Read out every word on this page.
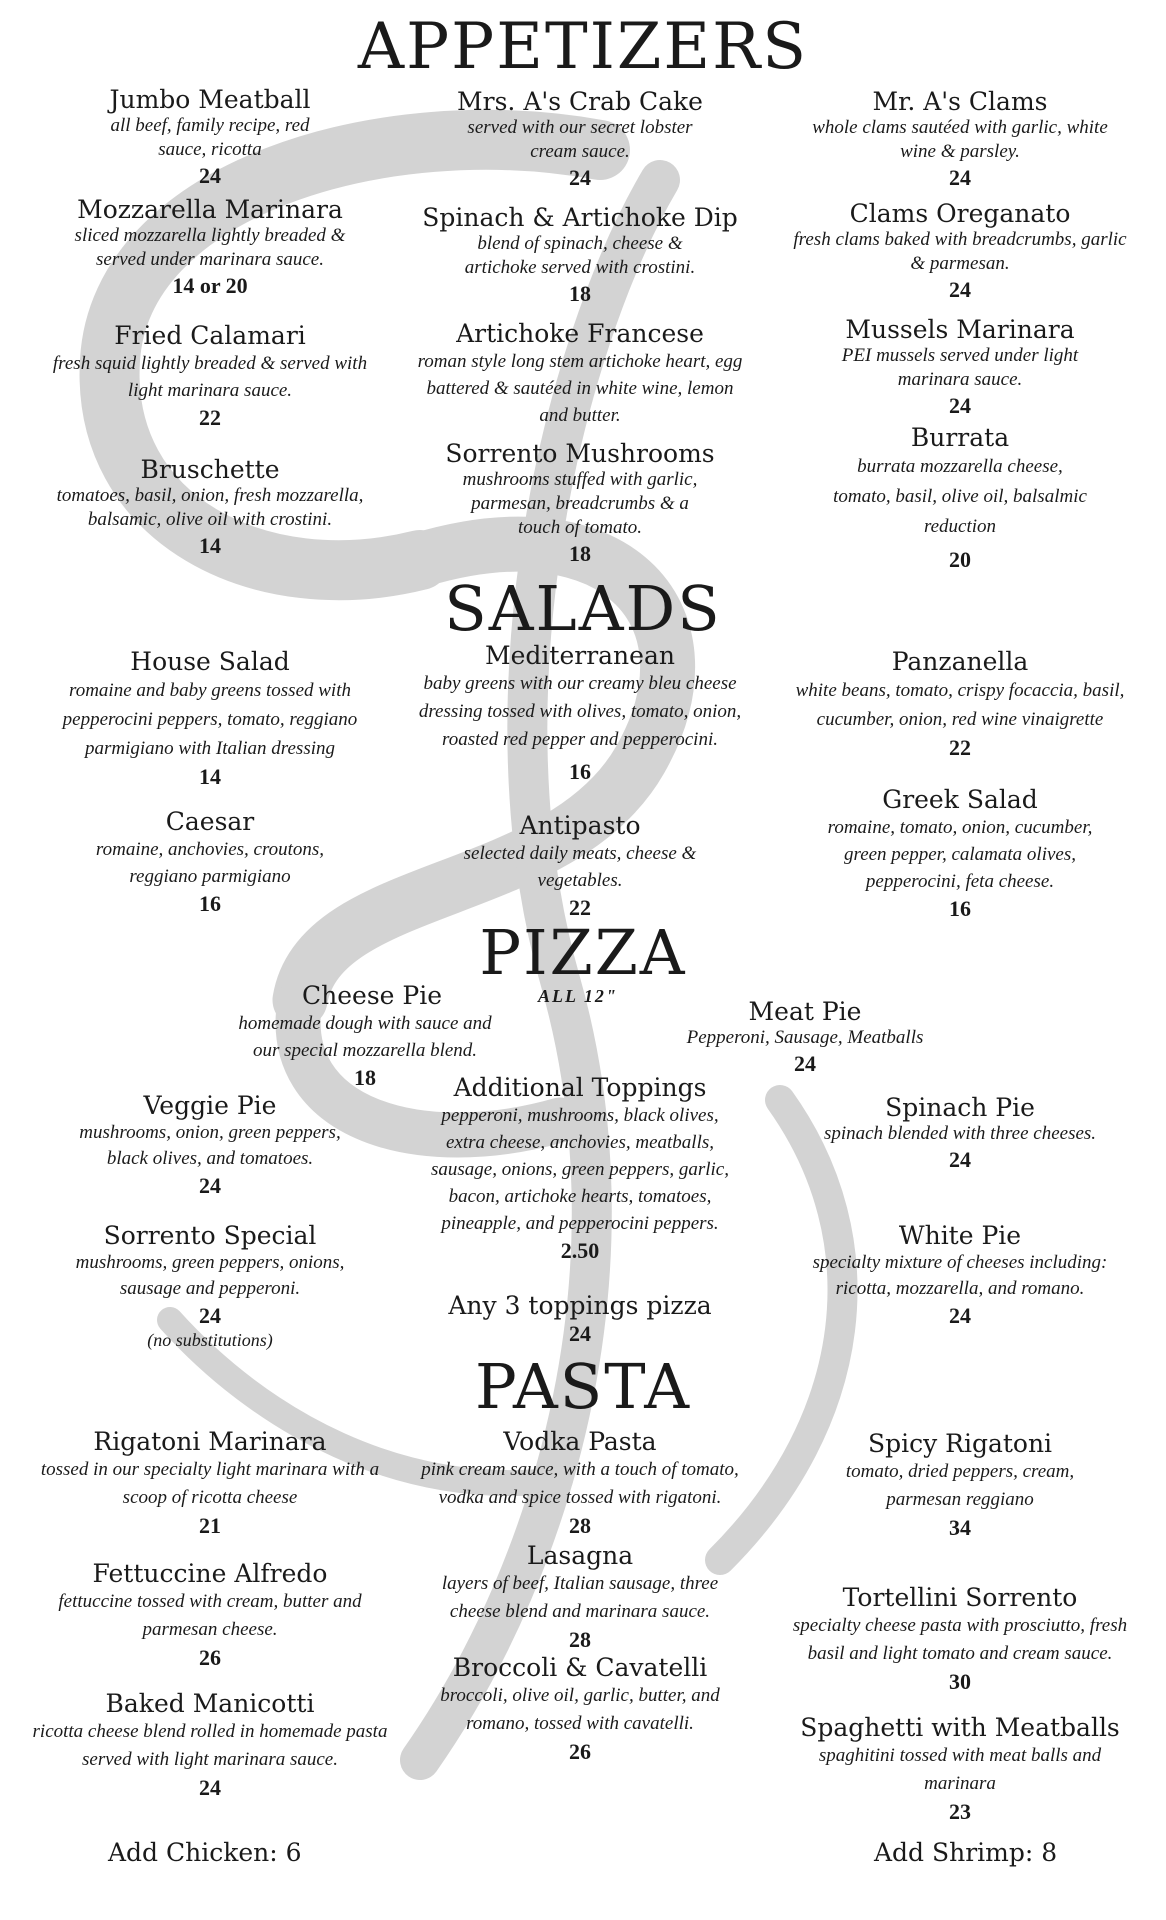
APPETIZERS
Jumbo Meatball
all beef, family recipe, red sauce, ricotta
24
Mozzarella Marinara
sliced mozzarella lightly breaded & served under marinara sauce.
14 or 20
Fried Calamari
fresh squid lightly breaded & served with light marinara sauce.
22
Bruschette
tomatoes, basil, onion, fresh mozzarella, balsamic, olive oil with crostini.
14
Mrs. A's Crab Cake
served with our secret lobster cream sauce.
24
Spinach & Artichoke Dip
blend of spinach, cheese & artichoke served with crostini.
18
Artichoke Francese
roman style long stem artichoke heart, egg battered & sautéed in white wine, lemon and butter.
Sorrento Mushrooms
mushrooms stuffed with garlic, parmesan, breadcrumbs & a touch of tomato.
18
Mr. A's Clams
whole clams sautéed with garlic, white wine & parsley.
24
Clams Oreganato
fresh clams baked with breadcrumbs, garlic & parmesan.
24
Mussels Marinara
PEI mussels served under light marinara sauce.
24
Burrata
burrata mozzarella cheese, tomato, basil, olive oil, balsalmic reduction
20
SALADS
House Salad
romaine and baby greens tossed with pepperocini peppers, tomato, reggiano parmigiano with Italian dressing
14
Caesar
romaine, anchovies, croutons, reggiano parmigiano
16
Mediterranean
baby greens with our creamy bleu cheese dressing tossed with olives, tomato, onion, roasted red pepper and pepperocini.
16
Antipasto
selected daily meats, cheese & vegetables.
22
Panzanella
white beans, tomato, crispy focaccia, basil, cucumber, onion, red wine vinaigrette
22
Greek Salad
romaine, tomato, onion, cucumber, green pepper, calamata olives, pepperocini, feta cheese.
16
PIZZA
ALL 12"
Cheese Pie
homemade dough with sauce and our special mozzarella blend.
18
Veggie Pie
mushrooms, onion, green peppers, black olives, and tomatoes.
24
Sorrento Special
mushrooms, green peppers, onions, sausage and pepperoni.
24
(no substitutions)
Additional Toppings
pepperoni, mushrooms, black olives, extra cheese, anchovies, meatballs, sausage, onions, green peppers, garlic, bacon, artichoke hearts, tomatoes, pineapple, and pepperocini peppers.
2.50
Any 3 toppings pizza
24
Meat Pie
Pepperoni, Sausage, Meatballs
24
Spinach Pie
spinach blended with three cheeses.
24
White Pie
specialty mixture of cheeses including: ricotta, mozzarella, and romano.
24
PASTA
Rigatoni Marinara
tossed in our specialty light marinara with a scoop of ricotta cheese
21
Fettuccine Alfredo
fettuccine tossed with cream, butter and parmesan cheese.
26
Baked Manicotti
ricotta cheese blend rolled in homemade pasta served with light marinara sauce.
24
Vodka Pasta
pink cream sauce, with a touch of tomato, vodka and spice tossed with rigatoni.
28
Lasagna
layers of beef, Italian sausage, three cheese blend and marinara sauce.
28
Broccoli & Cavatelli
broccoli, olive oil, garlic, butter, and romano, tossed with cavatelli.
26
Spicy Rigatoni
tomato, dried peppers, cream, parmesan reggiano
34
Tortellini Sorrento
specialty cheese pasta with prosciutto, fresh basil and light tomato and cream sauce.
30
Spaghetti with Meatballs
spaghitini tossed with meat balls and marinara
23
Add Chicken: 6	Add Shrimp: 8
